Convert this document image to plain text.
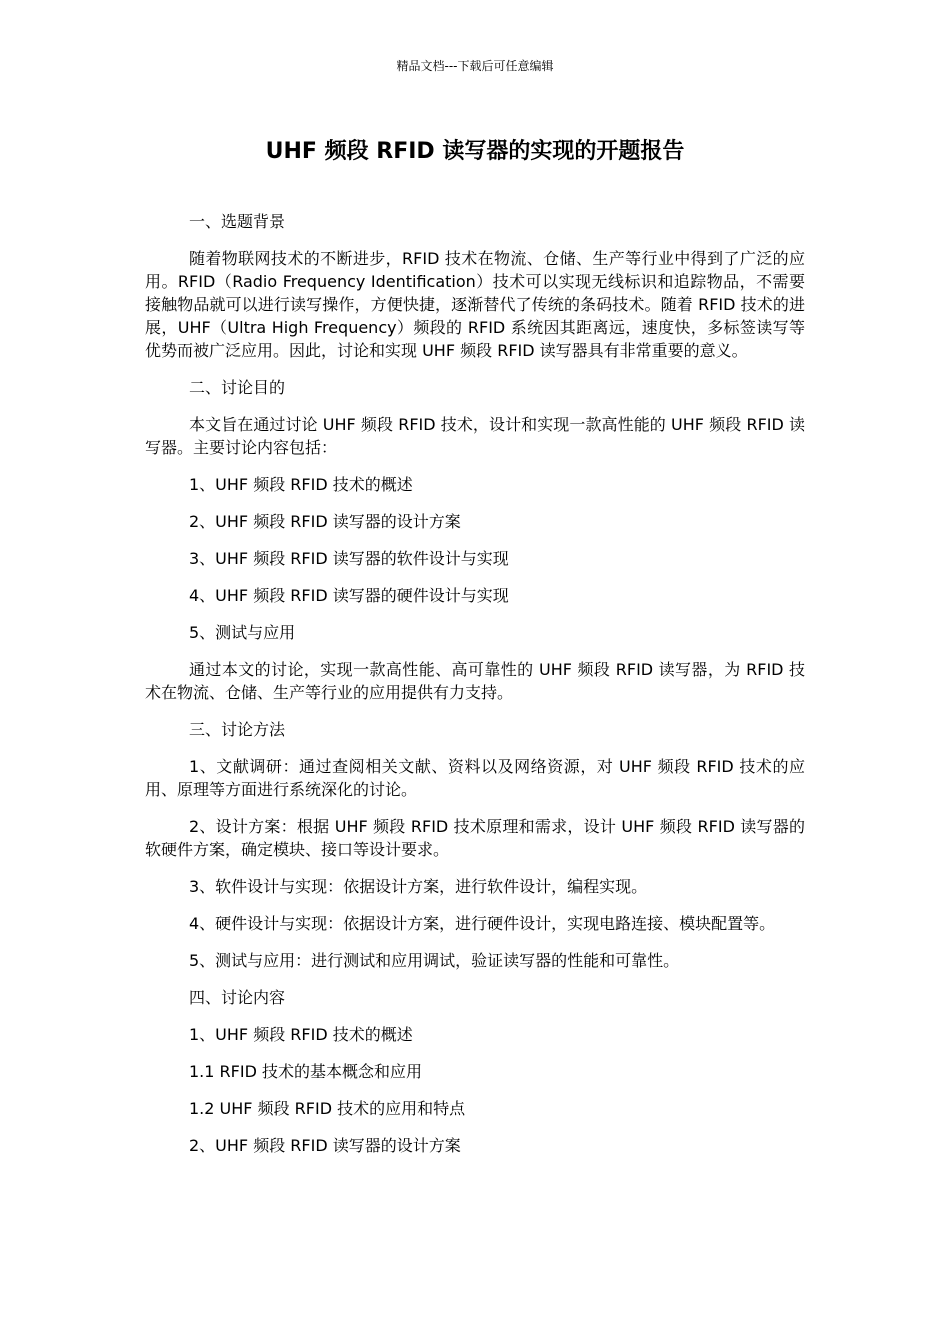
精品文档---下载后可任意编辑
UHF 频段 RFID 读写器的实现的开题报告

一、选题背景

随着物联网技术的不断进步，RFID 技术在物流、仓储、生产等行业中得到了广泛的应用。RFID（Radio Frequency Identification）技术可以实现无线标识和追踪物品，不需要接触物品就可以进行读写操作，方便快捷，逐渐替代了传统的条码技术。随着 RFID 技术的进展，UHF（Ultra High Frequency）频段的 RFID 系统因其距离远，速度快，多标签读写等优势而被广泛应用。因此，讨论和实现 UHF 频段 RFID 读写器具有非常重要的意义。

二、讨论目的

本文旨在通过讨论 UHF 频段 RFID 技术，设计和实现一款高性能的 UHF 频段 RFID 读写器。主要讨论内容包括：

1、UHF 频段 RFID 技术的概述

2、UHF 频段 RFID 读写器的设计方案

3、UHF 频段 RFID 读写器的软件设计与实现

4、UHF 频段 RFID 读写器的硬件设计与实现

5、测试与应用

通过本文的讨论，实现一款高性能、高可靠性的 UHF 频段 RFID 读写器，为 RFID 技术在物流、仓储、生产等行业的应用提供有力支持。

三、讨论方法

1、文献调研：通过查阅相关文献、资料以及网络资源，对 UHF 频段 RFID 技术的应用、原理等方面进行系统深化的讨论。

2、设计方案：根据 UHF 频段 RFID 技术原理和需求，设计 UHF 频段 RFID 读写器的软硬件方案，确定模块、接口等设计要求。

3、软件设计与实现：依据设计方案，进行软件设计，编程实现。

4、硬件设计与实现：依据设计方案，进行硬件设计，实现电路连接、模块配置等。

5、测试与应用：进行测试和应用调试，验证读写器的性能和可靠性。

四、讨论内容

1、UHF 频段 RFID 技术的概述

1.1 RFID 技术的基本概念和应用

1.2 UHF 频段 RFID 技术的应用和特点

2、UHF 频段 RFID 读写器的设计方案
